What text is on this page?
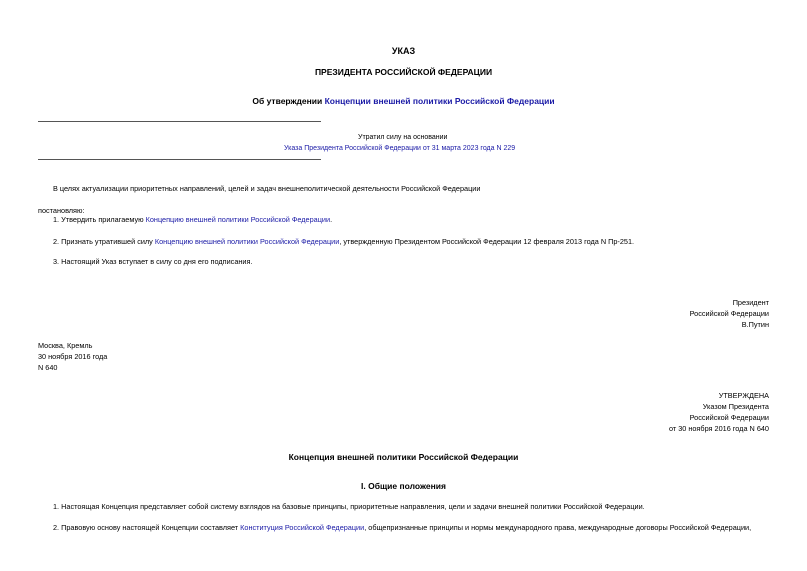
УКАЗ
ПРЕЗИДЕНТА РОССИЙСКОЙ ФЕДЕРАЦИИ
Об утверждении Концепции внешней политики Российской Федерации
Утратил силу на основании
Указа Президента Российской Федерации от 31 марта 2023 года N 229
В целях актуализации приоритетных направлений, целей и задач внешнеполитической деятельности Российской Федерации
постановляю:
1. Утвердить прилагаемую Концепцию внешней политики Российской Федерации.
2. Признать утратившей силу Концепцию внешней политики Российской Федерации, утвержденную Президентом Российской Федерации 12 февраля 2013 года N Пр-251.
3. Настоящий Указ вступает в силу со дня его подписания.
Президент
Российской Федерации
В.Путин
Москва, Кремль
30 ноября 2016 года
N 640
УТВЕРЖДЕНА
Указом Президента
Российской Федерации
от 30 ноября 2016 года N 640
Концепция внешней политики Российской Федерации
I. Общие положения
1. Настоящая Концепция представляет собой систему взглядов на базовые принципы, приоритетные направления, цели и задачи внешней политики Российской Федерации.
2. Правовую основу настоящей Концепции составляет Конституция Российской Федерации, общепризнанные принципы и нормы международного права, международные договоры Российской Федерации,
